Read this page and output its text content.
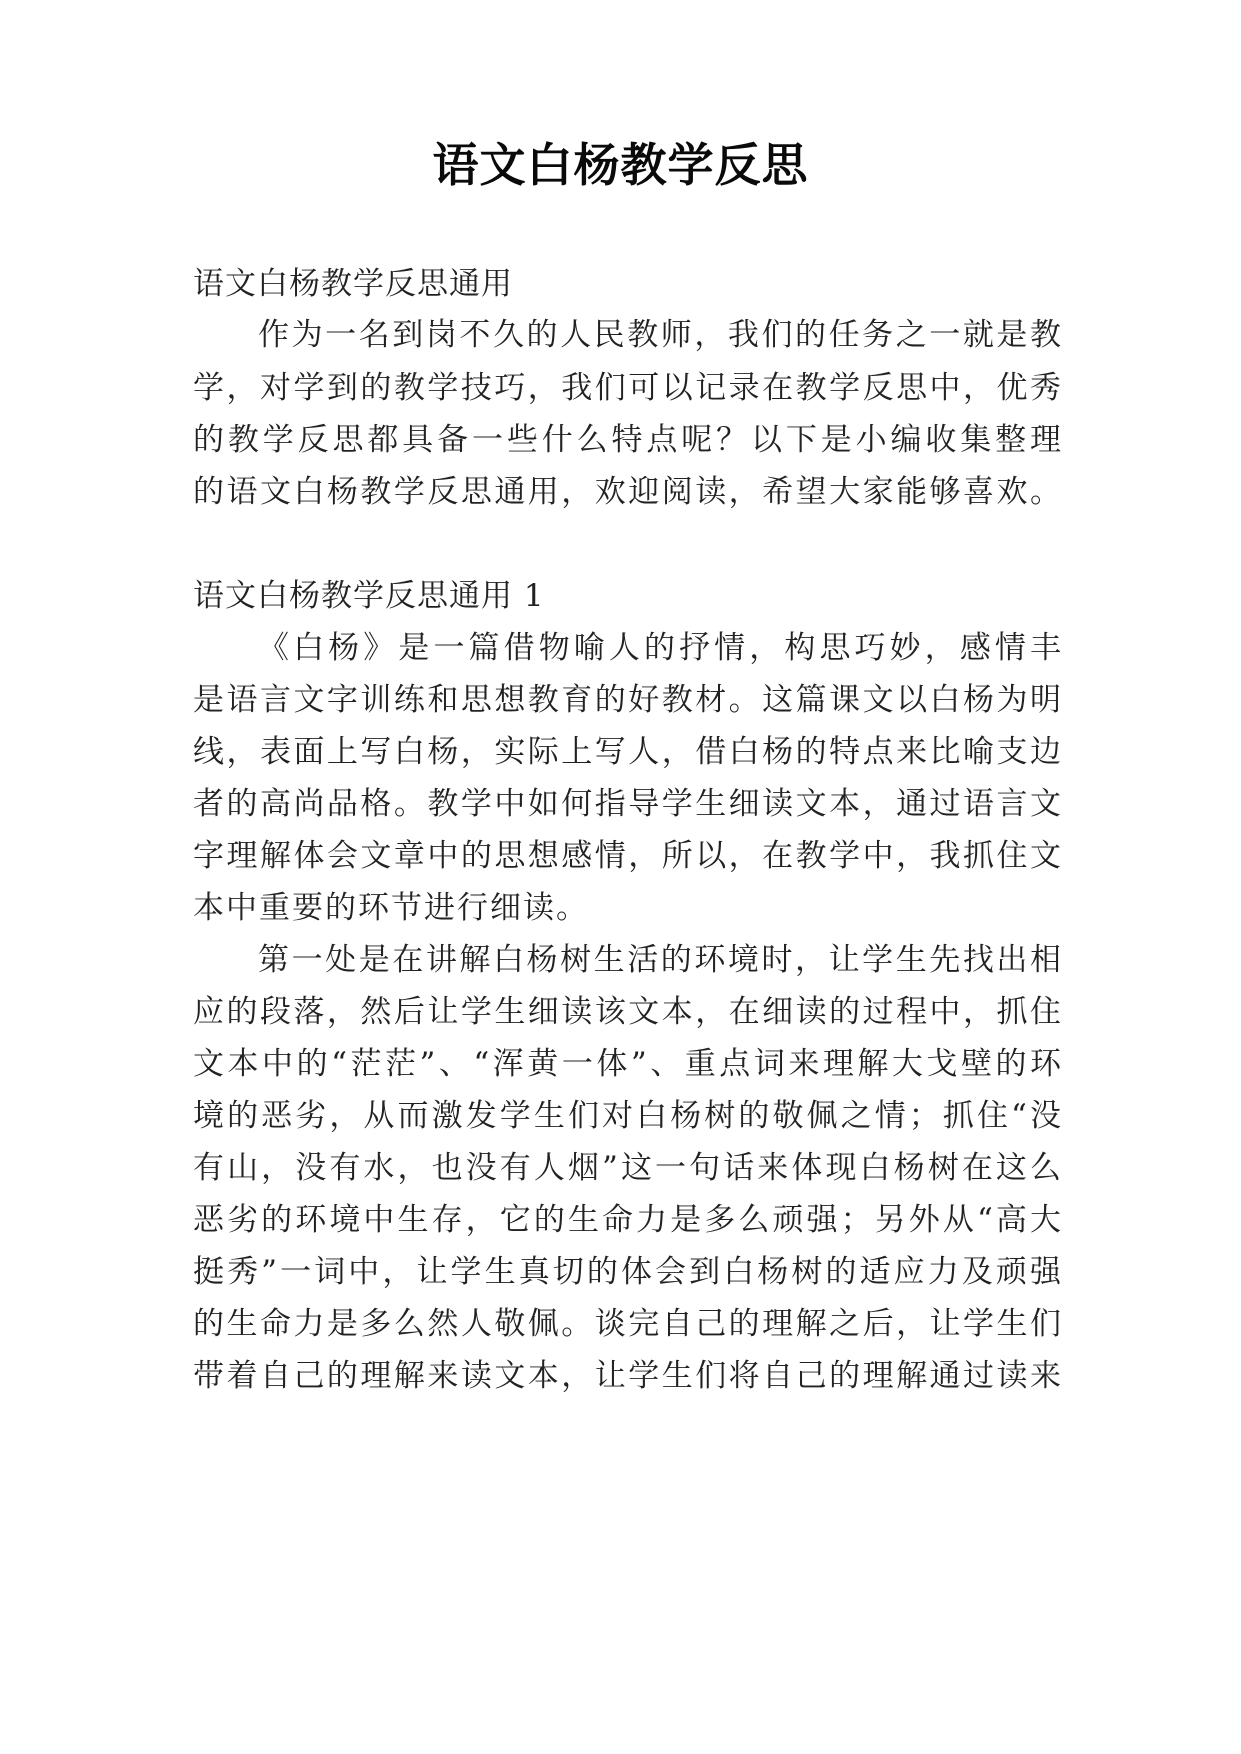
语文白杨教学反思
语文白杨教学反思通用
作为一名到岗不久的人民教师，我们的任务之一就是教
学，对学到的教学技巧，我们可以记录在教学反思中，优秀
的教学反思都具备一些什么特点呢？以下是小编收集整理
的语文白杨教学反思通用，欢迎阅读，希望大家能够喜欢。
语文白杨教学反思通用 1
《白杨》是一篇借物喻人的抒情，构思巧妙，感情丰
是语言文字训练和思想教育的好教材。这篇课文以白杨为明
线，表面上写白杨，实际上写人，借白杨的特点来比喻支边
者的高尚品格。教学中如何指导学生细读文本，通过语言文
字理解体会文章中的思想感情，所以，在教学中，我抓住文
本中重要的环节进行细读。
第一处是在讲解白杨树生活的环境时，让学生先找出相
应的段落，然后让学生细读该文本，在细读的过程中，抓住
文本中的“茫茫”、“浑黄一体”、重点词来理解大戈壁的环
境的恶劣，从而激发学生们对白杨树的敬佩之情；抓住“没
有山，没有水，也没有人烟”这一句话来体现白杨树在这么
恶劣的环境中生存，它的生命力是多么顽强；另外从“高大
挺秀”一词中，让学生真切的体会到白杨树的适应力及顽强
的生命力是多么然人敬佩。谈完自己的理解之后，让学生们
带着自己的理解来读文本，让学生们将自己的理解通过读来
